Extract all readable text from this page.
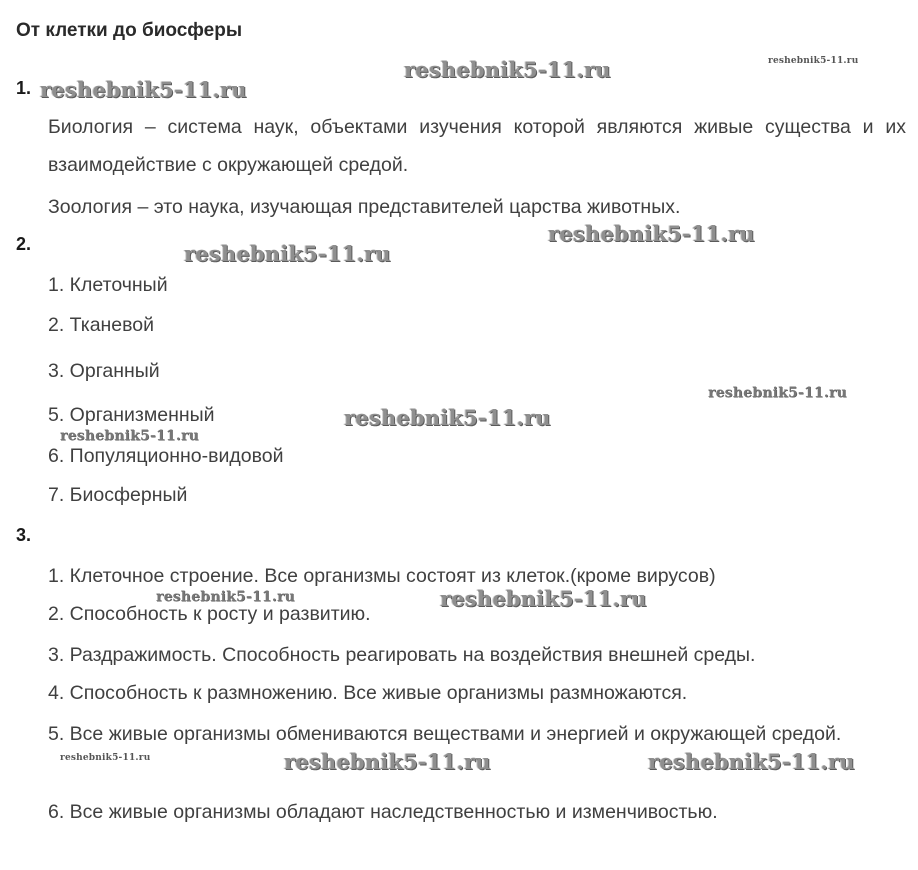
От клетки до биосферы
1.
Биология – система наук, объектами изучения которой являются живые существа и их взаимодействие с окружающей средой.
Зоология – это наука, изучающая представителей царства животных.
2.
1. Клеточный
2. Тканевой
3. Органный
5. Организменный
6. Популяционно-видовой
7. Биосферный
3.
1. Клеточное строение. Все организмы состоят из клеток.(кроме вирусов)
2. Способность к росту и развитию.
3. Раздражимость. Способность реагировать на воздействия внешней среды.
4. Способность к размножению. Все живые организмы размножаются.
5. Все живые организмы обмениваются веществами и энергией и окружающей средой.
6. Все живые организмы обладают наследственностью и изменчивостью.
reshebnik5-11.ru	reshebnik5-11.ru
reshebnik5-11.ru
reshebnik5-11.ru
reshebnik5-11.ru
reshebnik5-11.ru
reshebnik5-11.ru
reshebnik5-11.ru
reshebnik5-11.ru	reshebnik5-11.ru
reshebnik5-11.ru	reshebnik5-11.ru	reshebnik5-11.ru
